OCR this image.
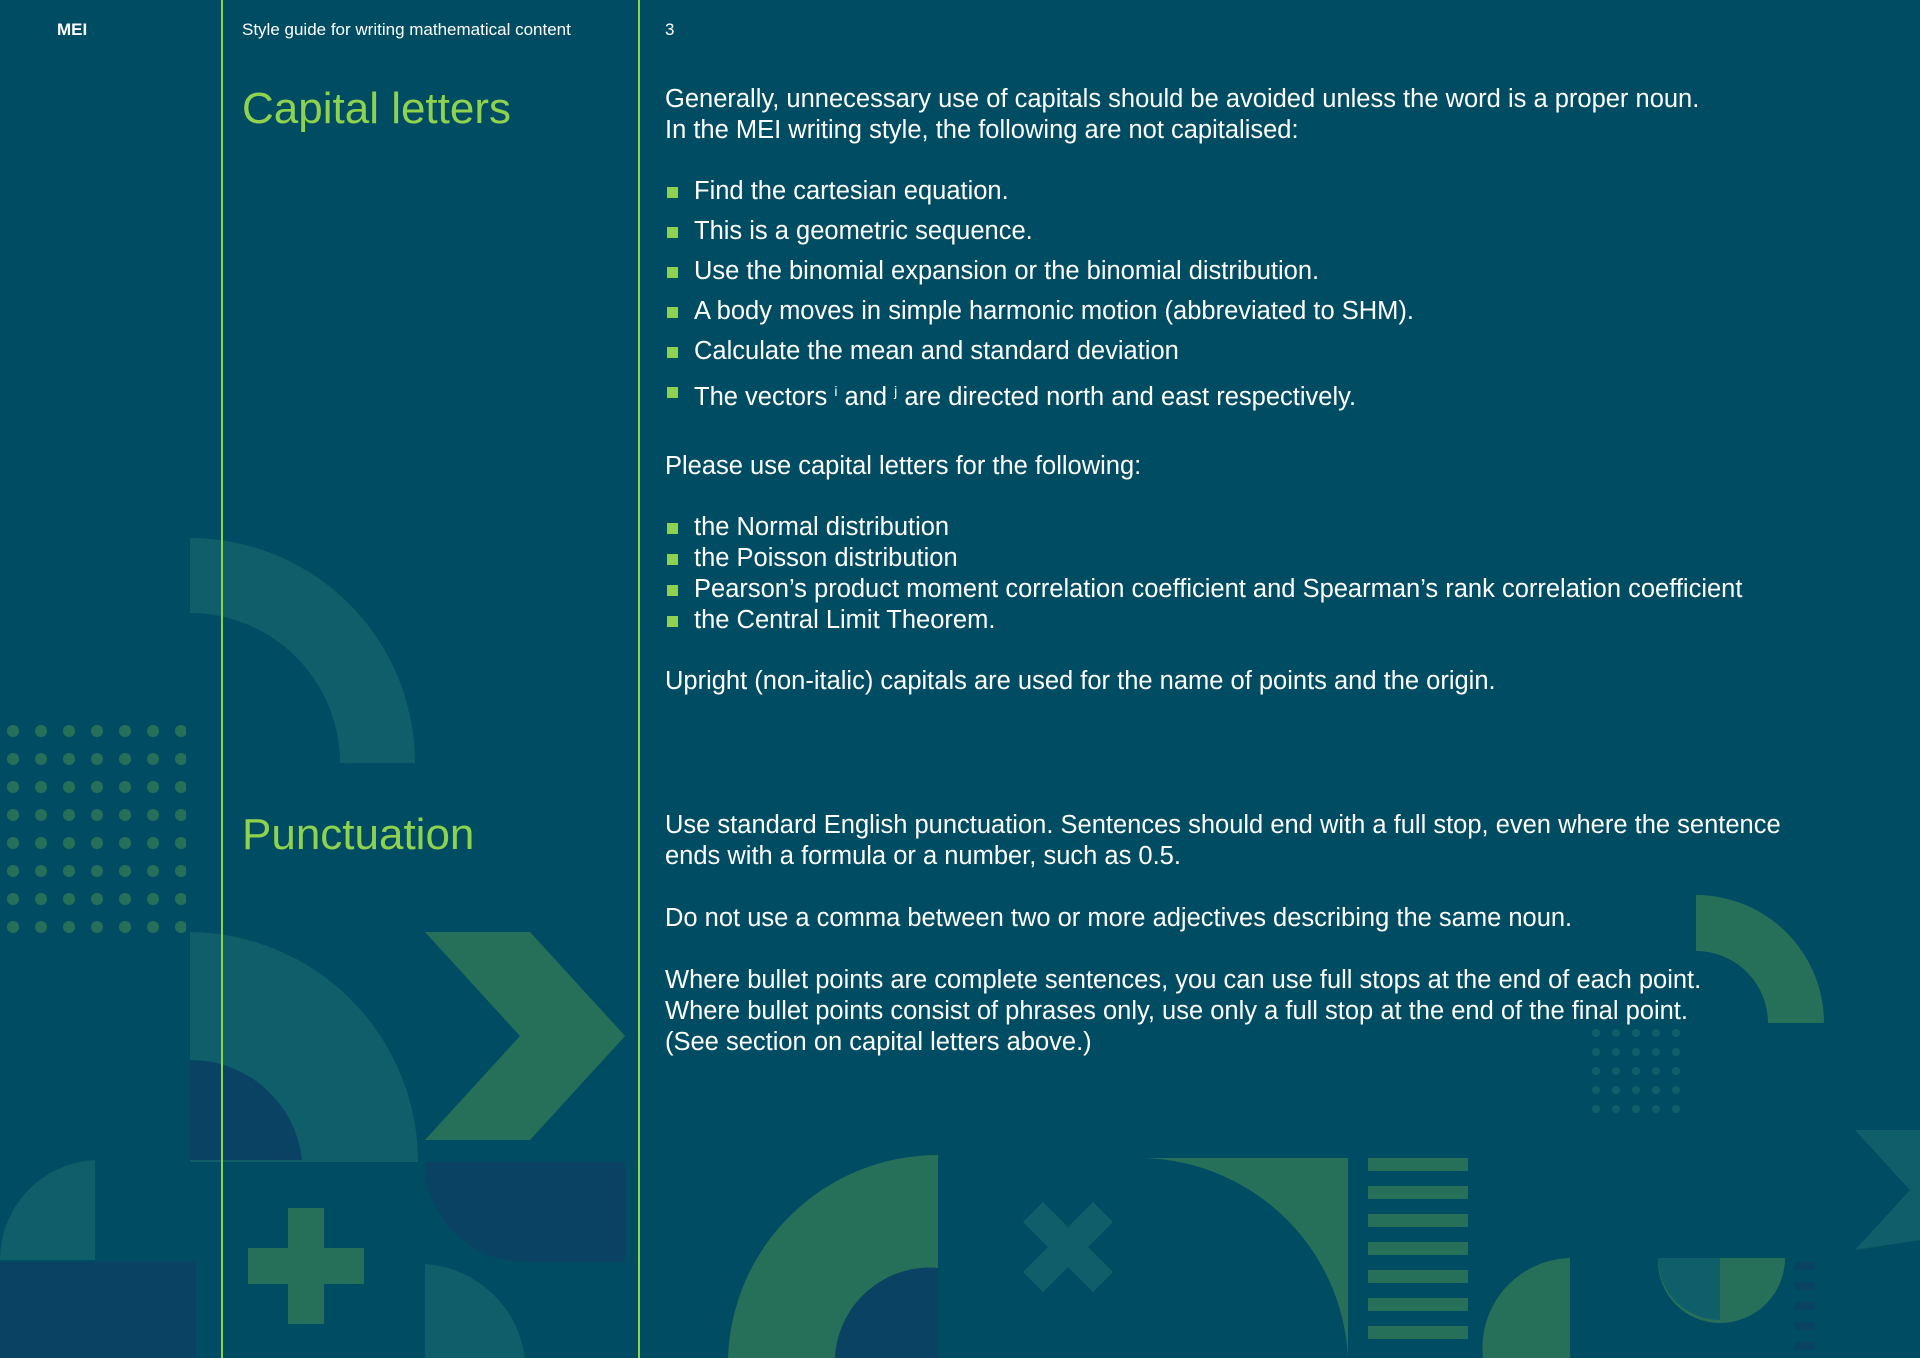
MEI	Style guide for writing mathematical content	3
Capital letters	Generally, unnecessary use of capitals should be avoided unless the word is a proper noun.
In the MEI writing style, the following are not capitalised:

Find the cartesian equation.
This is a geometric sequence.
Use the binomial expansion or the binomial distribution.
A body moves in simple harmonic motion (abbreviated to SHM).
Calculate the mean and standard deviation
The vectors $^i$ and $^j$ are directed north and east respectively.

Please use capital letters for the following:

the Normal distribution
the Poisson distribution
Pearson’s product moment correlation coefficient and Spearman’s rank correlation coefficient
the Central Limit Theorem.

Upright (non-italic) capitals are used for the name of points and the origin.

Punctuation	Use standard English punctuation. Sentences should end with a full stop, even where the sentence ends with a formula or a number, such as 0.5.

Do not use a comma between two or more adjectives describing the same noun.

Where bullet points are complete sentences, you can use full stops at the end of each point.
Where bullet points consist of phrases only, use only a full stop at the end of the final point.
(See section on capital letters above.)
